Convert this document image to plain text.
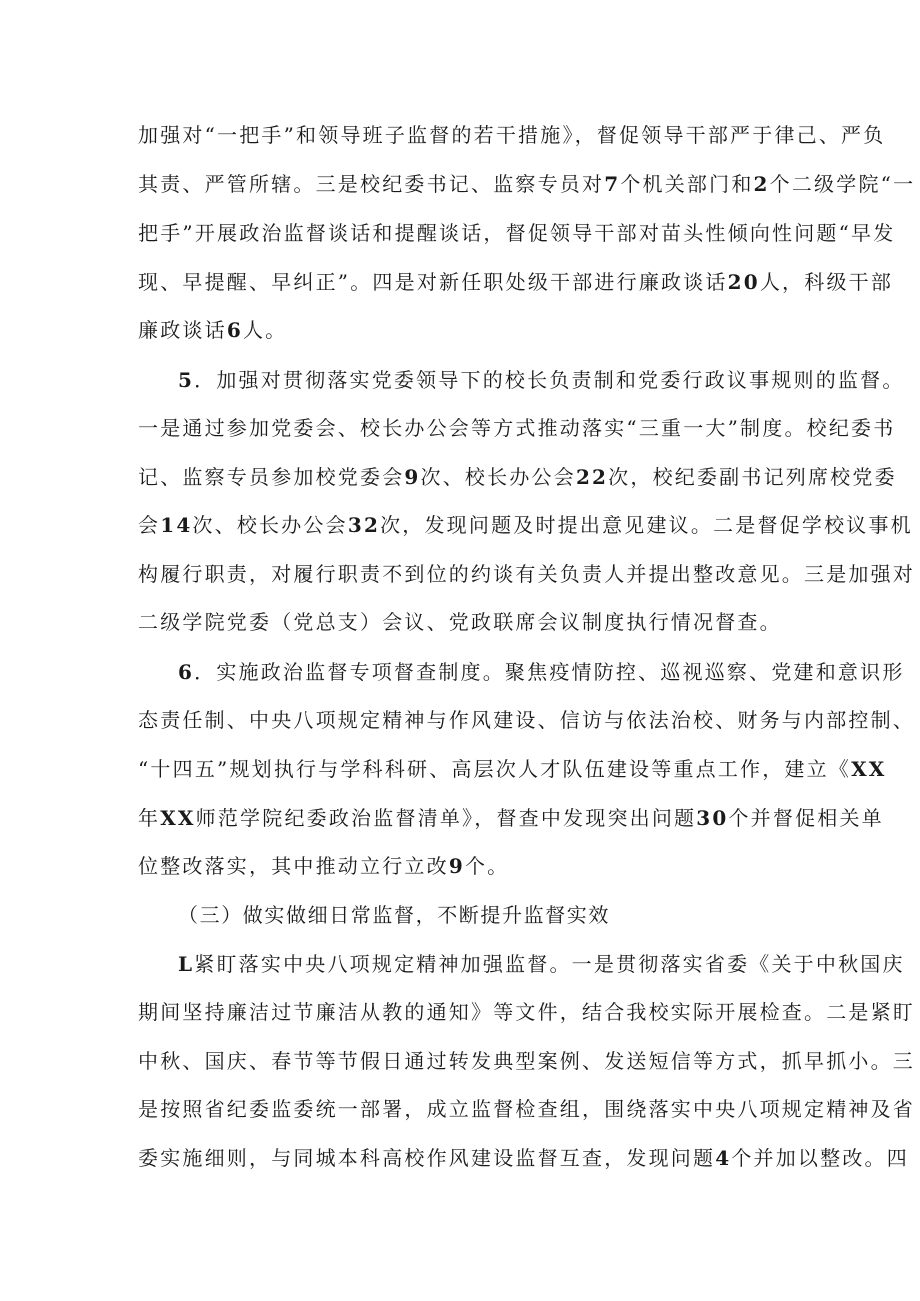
加强对“一把手”和领导班子监督的若干措施》，督促领导干部严于律己、严负
其责、严管所辖。三是校纪委书记、监察专员对7个机关部门和2个二级学院“一
把手”开展政治监督谈话和提醒谈话，督促领导干部对苗头性倾向性问题“早发
现、早提醒、早纠正”。四是对新任职处级干部进行廉政谈话20人，科级干部
廉政谈话6人。
5．加强对贯彻落实党委领导下的校长负责制和党委行政议事规则的监督。
一是通过参加党委会、校长办公会等方式推动落实“三重一大”制度。校纪委书
记、监察专员参加校党委会9次、校长办公会22次，校纪委副书记列席校党委
会14次、校长办公会32次，发现问题及时提出意见建议。二是督促学校议事机
构履行职责，对履行职责不到位的约谈有关负责人并提出整改意见。三是加强对
二级学院党委（党总支）会议、党政联席会议制度执行情况督查。
6．实施政治监督专项督查制度。聚焦疫情防控、巡视巡察、党建和意识形
态责任制、中央八项规定精神与作风建设、信访与依法治校、财务与内部控制、
“十四五”规划执行与学科科研、高层次人才队伍建设等重点工作，建立《XX
年XX师范学院纪委政治监督清单》，督查中发现突出问题30个并督促相关单
位整改落实，其中推动立行立改9个。
（三）做实做细日常监督，不断提升监督实效
L紧盯落实中央八项规定精神加强监督。一是贯彻落实省委《关于中秋国庆
期间坚持廉洁过节廉洁从教的通知》等文件，结合我校实际开展检查。二是紧盯
中秋、国庆、春节等节假日通过转发典型案例、发送短信等方式，抓早抓小。三
是按照省纪委监委统一部署，成立监督检查组，围绕落实中央八项规定精神及省
委实施细则，与同城本科高校作风建设监督互查，发现问题4个并加以整改。四
